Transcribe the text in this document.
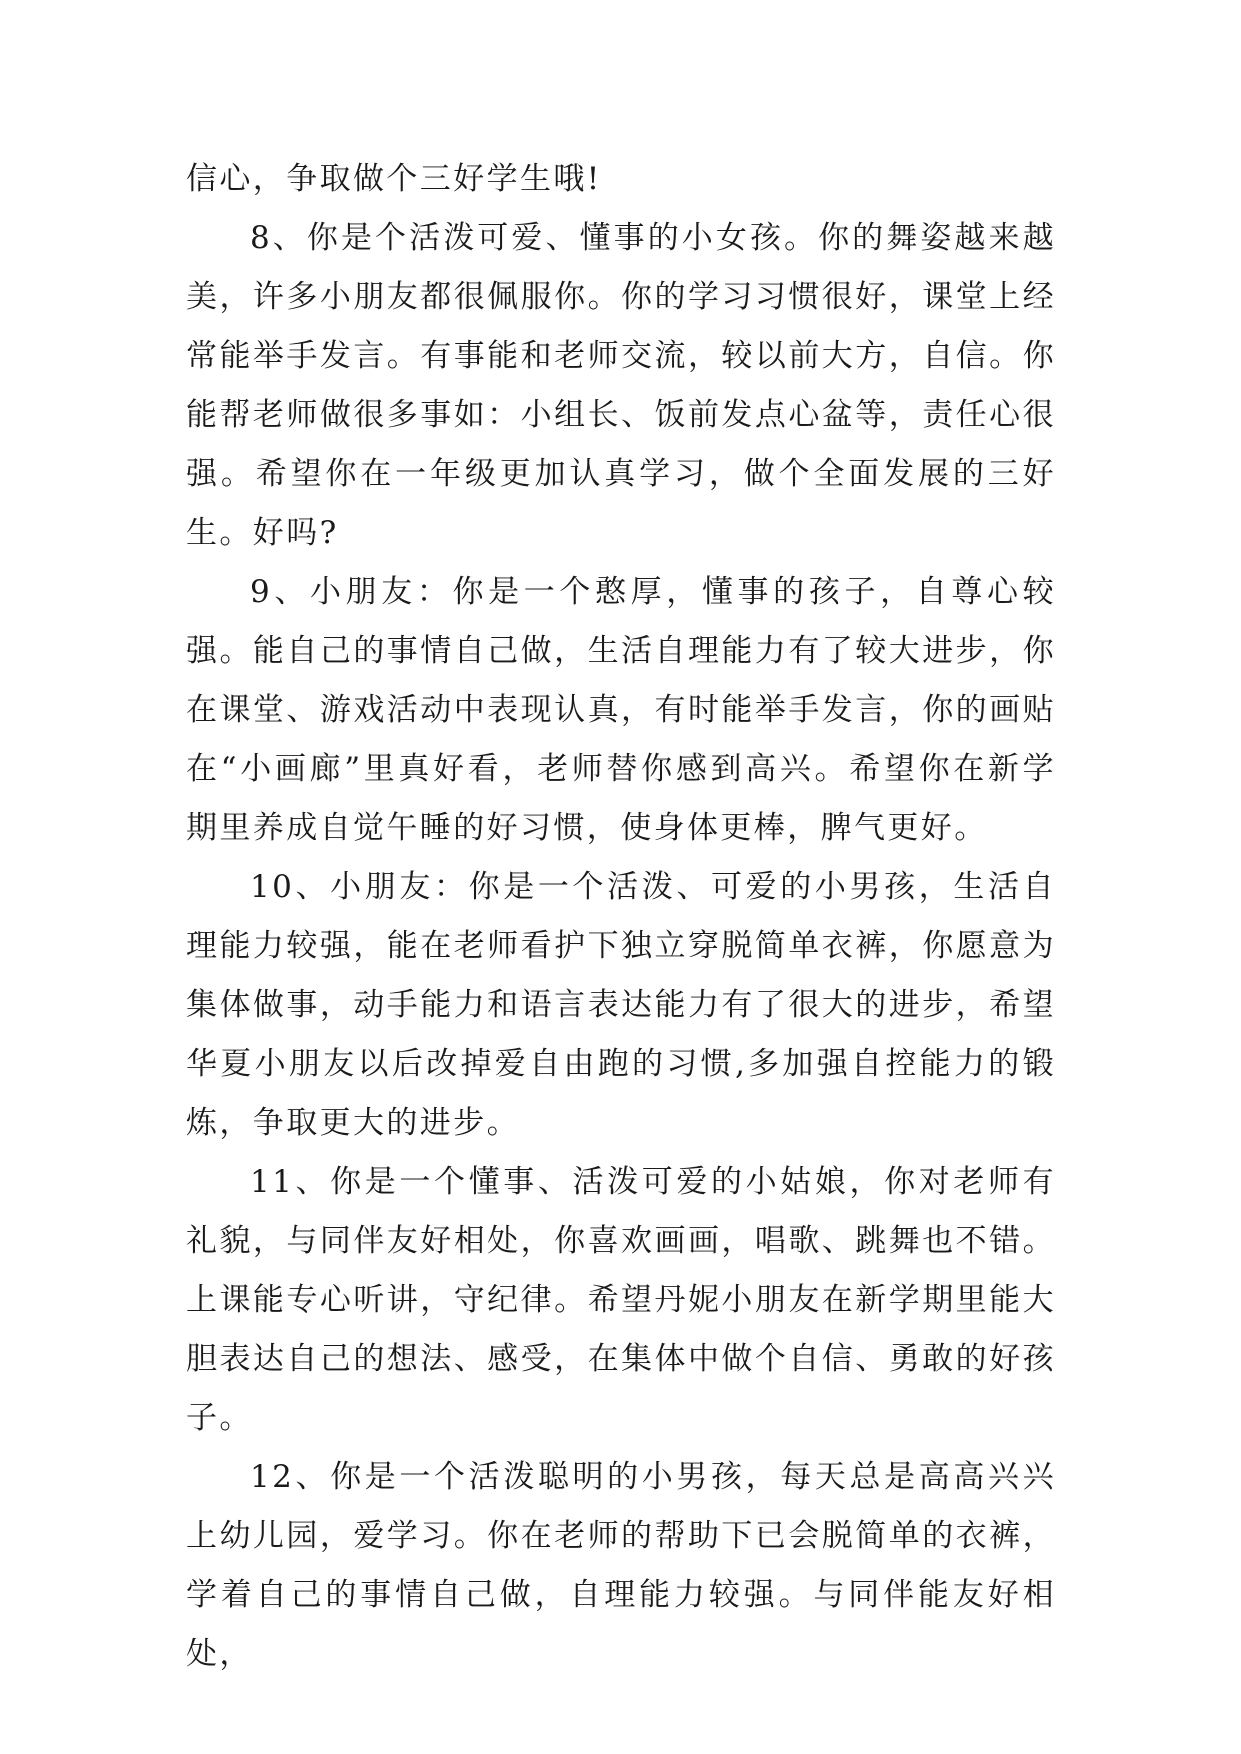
信心，争取做个三好学生哦!

8、你是个活泼可爱、懂事的小女孩。你的舞姿越来越美，许多小朋友都很佩服你。你的学习习惯很好，课堂上经常能举手发言。有事能和老师交流，较以前大方，自信。你能帮老师做很多事如：小组长、饭前发点心盆等，责任心很强。希望你在一年级更加认真学习，做个全面发展的三好生。好吗?

9、小朋友：你是一个憨厚，懂事的孩子，自尊心较强。能自己的事情自己做，生活自理能力有了较大进步，你在课堂、游戏活动中表现认真，有时能举手发言，你的画贴在“小画廊”里真好看，老师替你感到高兴。希望你在新学期里养成自觉午睡的好习惯，使身体更棒，脾气更好。

10、小朋友：你是一个活泼、可爱的小男孩，生活自理能力较强，能在老师看护下独立穿脱简单衣裤，你愿意为集体做事，动手能力和语言表达能力有了很大的进步，希望华夏小朋友以后改掉爱自由跑的习惯,多加强自控能力的锻炼，争取更大的进步。

11、你是一个懂事、活泼可爱的小姑娘，你对老师有礼貌，与同伴友好相处，你喜欢画画，唱歌、跳舞也不错。上课能专心听讲，守纪律。希望丹妮小朋友在新学期里能大胆表达自己的想法、感受，在集体中做个自信、勇敢的好孩子。

12、你是一个活泼聪明的小男孩，每天总是高高兴兴上幼儿园，爱学习。你在老师的帮助下已会脱简单的衣裤，学着自己的事情自己做，自理能力较强。与同伴能友好相处，
